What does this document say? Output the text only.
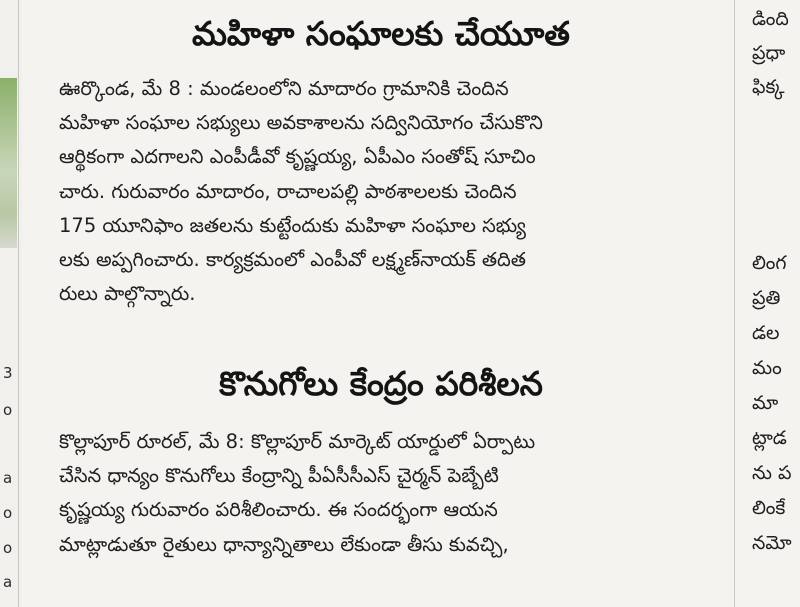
3
o
a
o
o
a
మహిళా సంఘాలకు చేయూత
ఊర్కొండ, మే 8 : మండలంలోని మాదారం గ్రామానికి చెందిన
మహిళా సంఘాల సభ్యులు అవకాశాలను సద్వినియోగం చేసుకొని
ఆర్థికంగా ఎదగాలని ఎంపీడీవో కృష్ణయ్య, ఏపీఎం సంతోష్ సూచిం
చారు. గురువారం మాదారం, రాచాలపల్లి పాఠశాలలకు చెందిన
175 యూనిఫాం జతలను కుట్టేందుకు మహిళా సంఘాల సభ్యు
లకు అప్పగించారు. కార్యక్రమంలో ఎంపీవో లక్ష్మణ్‌నాయక్ తదిత
రులు పాల్గొన్నారు.
కొనుగోలు కేంద్రం పరిశీలన
కొల్లాపూర్ రూరల్, మే 8: కొల్లాపూర్ మార్కెట్ యార్డులో ఏర్పాటు
చేసిన ధాన్యం కొనుగోలు కేంద్రాన్ని పీఏసీసీఎస్ చైర్మన్ పెబ్బేటి
కృష్ణయ్య గురువారం పరిశీలించారు. ఈ సందర్భంగా ఆయన
మాట్లాడుతూ రైతులు ధాన్యాన్నితాలు లేకుండా తీసు కువచ్చి,
డింది
ప్రధా
ఫిక్క
లింగ
ప్రతి
డల
మం
మా
ట్లాడ
ను ప
లింకే
నమో
